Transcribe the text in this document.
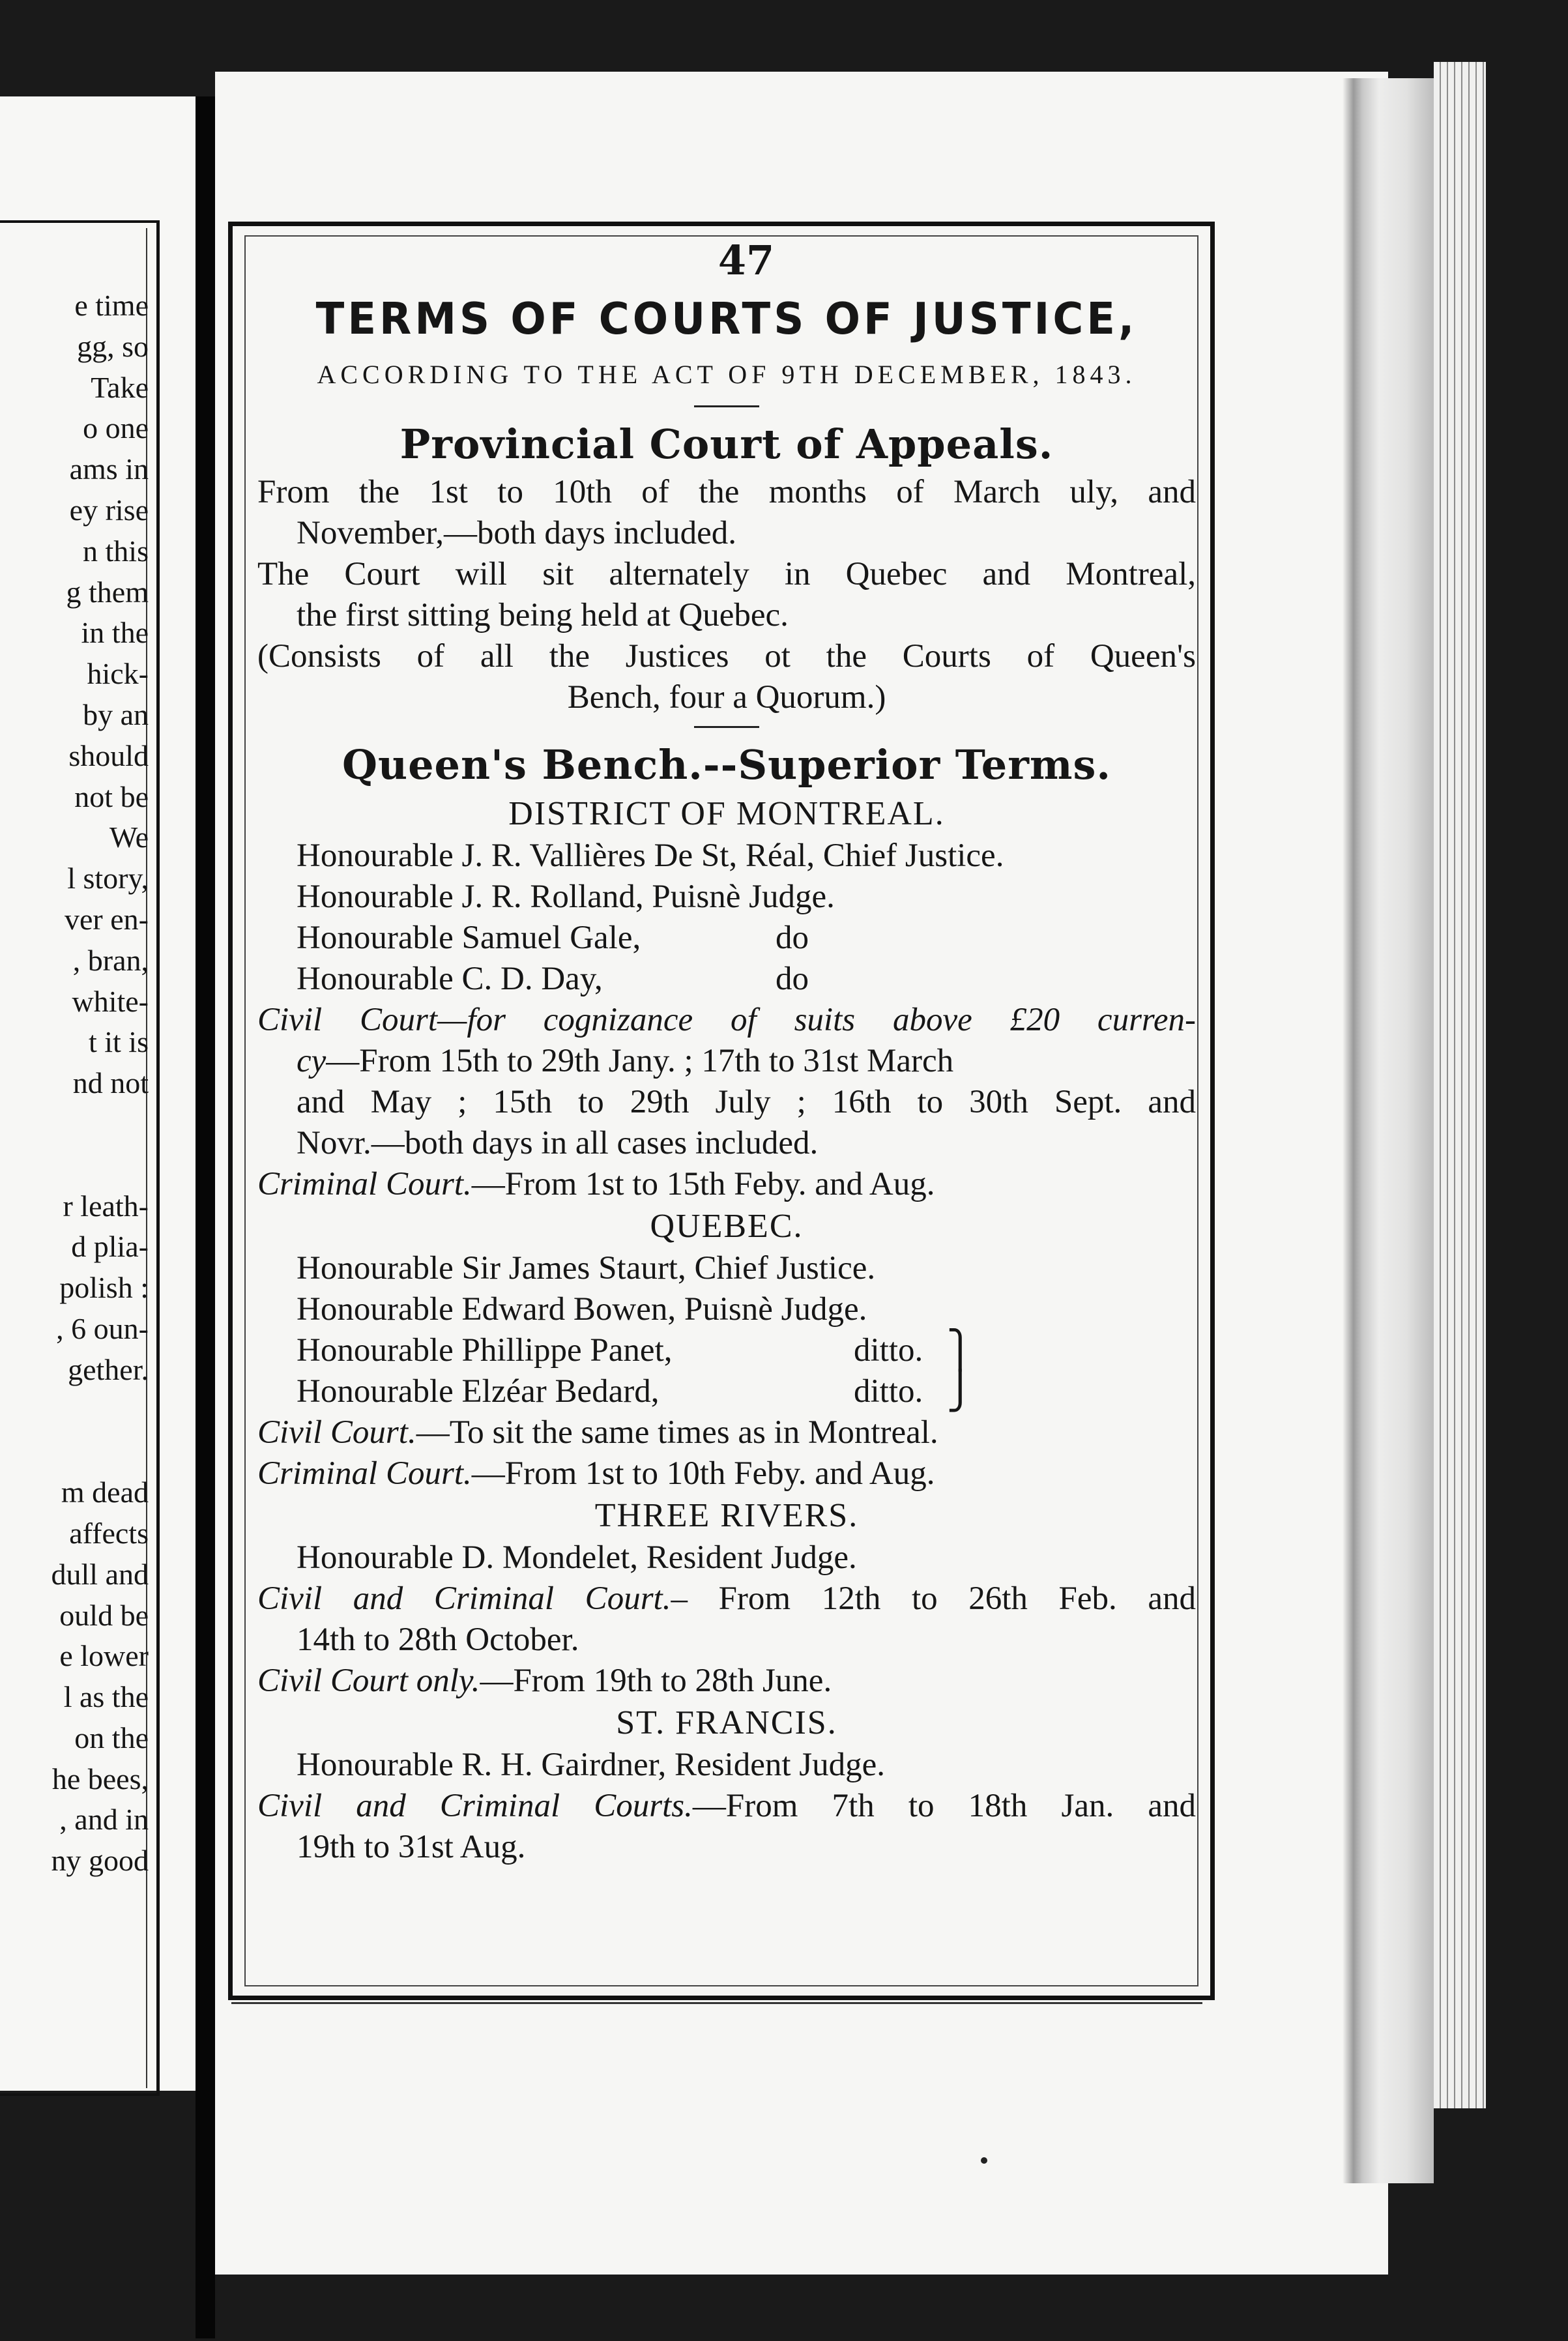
e time
gg, so
Take
o one
ams in
ey rise
n this
g them
in the
hick-
by an
should
not be
We
l story,
ver en-
, bran,
white-
t it is
nd not
r leath-
d plia-
polish :
, 6 oun-
gether.
m dead
affects
dull and
ould be
e lower
l as the
on the
he bees,
, and in
ny good
47
TERMS OF COURTS OF JUSTICE,
ACCORDING TO THE ACT OF 9TH DECEMBER, 1843.
Provincial Court of Appeals.
From the 1st to 10th of the months of March uly, and
November,—both days included.
The Court will sit alternately in Quebec and Montreal,
the first sitting being held at Quebec.
(Consists of all the Justices ot the Courts of Queen's
Bench, four a Quorum.)
Queen's Bench.--Superior Terms.
DISTRICT OF MONTREAL.
Honourable J. R. Vallières De St, Réal, Chief Justice.
Honourable J. R. Rolland, Puisnè Judge.
Honourable Samuel Gale,	do
Honourable C. D. Day,	do
Civil Court—for cognizance of suits above £20 curren-
cy—From 15th to 29th Jany. ; 17th to 31st March
and May ; 15th to 29th July ; 16th to 30th Sept. and
Novr.—both days in all cases included.
Criminal Court.—From 1st to 15th Feby. and Aug.
QUEBEC.
Honourable Sir James Staurt, Chief Justice.
Honourable Edward Bowen, Puisnè Judge.
Honourable Phillippe Panet,	ditto. ⎫
Honourable Elzéar Bedard,	ditto. ⎭
Civil Court.—To sit the same times as in Montreal.
Criminal Court.—From 1st to 10th Feby. and Aug.
THREE RIVERS.
Honourable D. Mondelet, Resident Judge.
Civil and Criminal Court.– From 12th to 26th Feb. and
14th to 28th October.
Civil Court only.—From 19th to 28th June.
ST. FRANCIS.
Honourable R. H. Gairdner, Resident Judge.
Civil and Criminal Courts.—From 7th to 18th Jan. and
19th to 31st Aug.
